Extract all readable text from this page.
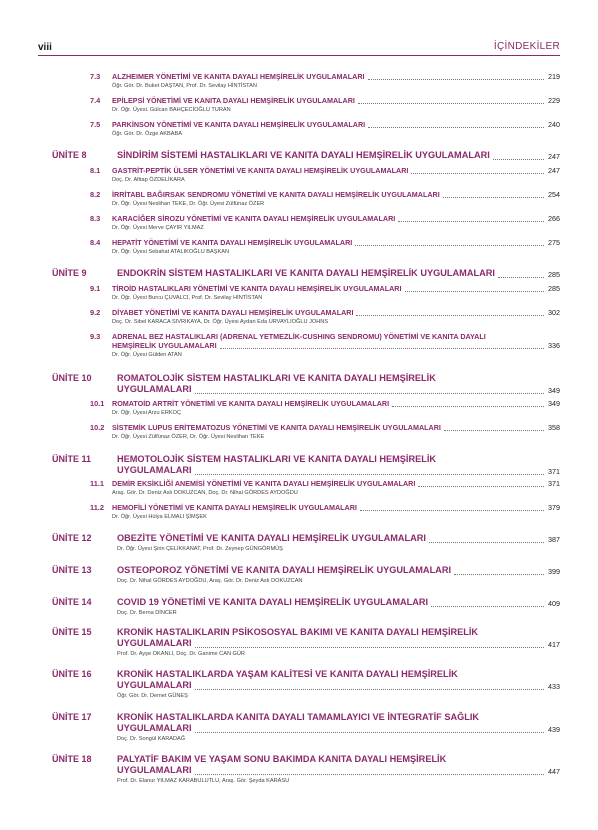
viii	İÇİNDEKİLER
7.3	ALZHEIMER YÖNETİMİ VE KANITA DAYALI HEMŞİRELİK UYGULAMALARI	219
Öğr. Gör. Dr. Buket DAŞTAN, Prof. Dr. Sevilay HİNTİSTAN
7.4	EPİLEPSİ YÖNETİMİ VE KANITA DAYALI HEMŞİRELİK UYGULAMALARI	229
Dr. Öğr. Üyesi. Gülcan BAHÇECİOĞLU TURAN
7.5	PARKİNSON YÖNETİMİ VE KANITA DAYALI HEMŞİRELİK UYGULAMALARI	240
Öğr. Gör. Dr. Özge AKBABA
ÜNİTE 8	SİNDİRİM SİSTEMİ HASTALIKLARI VE KANITA DAYALI HEMŞİRELİK UYGULAMALARI	247
8.1	GASTRİT-PEPTİK ÜLSER YÖNETİMİ VE KANITA DAYALI HEMŞİRELİK UYGULAMALARI	247
Doç. Dr. Afitap ÖZDELİKARA
8.2	İRRİTABL BAĞIRSAK SENDROMU YÖNETİMİ VE KANITA DAYALI HEMŞİRELİK UYGULAMALARI	254
Dr. Öğr. Üyesi Neslihan TEKE, Dr. Öğr. Üyesi Zülfünaz ÖZER
8.3	KARACİĞER SİROZU YÖNETİMİ VE KANITA DAYALI HEMŞİRELİK UYGULAMALARI	266
Dr. Öğr. Üyesi Merve ÇAYIR YILMAZ
8.4	HEPATİT YÖNETİMİ VE KANITA DAYALI HEMŞİRELİK UYGULAMALARI	275
Dr. Öğr. Üyesi Sebahat ATALIKOĞLU BAŞKAN
ÜNİTE 9	ENDOKRİN SİSTEM HASTALIKLARI VE KANITA DAYALI HEMŞİRELİK UYGULAMALARI	285
9.1	TİROİD HASTALIKLARI YÖNETİMİ VE KANITA DAYALI HEMŞİRELİK UYGULAMALARI	285
Dr. Öğr. Üyesi Burcu ÇUVALCI, Prof. Dr. Sevilay HİNTİSTAN
9.2	DİYABET YÖNETİMİ VE KANITA DAYALI HEMŞİRELİK UYGULAMALARI	302
Doç. Dr. Sibel KARACA SIVRIKAYA, Dr. Öğr. Üyesi Aydan Eda URVAYLIOĞLU JOHNS
9.3	ADRENAL BEZ HASTALIKLARI (ADRENAL YETMEZLİK-CUSHING SENDROMU) YÖNETİMİ VE KANITA DAYALI
HEMŞİRELİK UYGULAMALARI	336
Dr. Öğr. Üyesi Gülden ATAN
ÜNİTE 10	ROMATOLOJİK SİSTEM HASTALIKLARI VE KANITA DAYALI HEMŞİRELİK
UYGULAMALARI	349
10.1	ROMATOİD ARTRİT YÖNETİMİ VE KANITA DAYALI HEMŞİRELİK UYGULAMALARI	349
Dr. Öğr. Üyesi Arzu ERKOÇ
10.2	SİSTEMİK LUPUS ERİTEMATOZUS YÖNETİMİ VE KANITA DAYALI HEMŞİRELİK UYGULAMALARI	358
Dr. Öğr. Üyesi Zülfünaz ÖZER, Dr. Öğr. Üyesi Neslihan TEKE
ÜNİTE 11	HEMOTOLOJİK SİSTEM HASTALIKLARI VE KANITA DAYALI HEMŞİRELİK
UYGULAMALARI	371
11.1	DEMİR EKSİKLİĞİ ANEMİSİ YÖNETİMİ VE KANITA DAYALI HEMŞİRELİK UYGULAMALARI	371
Araş. Gör. Dr. Deniz Aslı DOKUZCAN, Doç. Dr. Nihal GÖRDES AYDOĞDU
11.2	HEMOFİLİ YÖNETİMİ VE KANITA DAYALI HEMŞİRELİK UYGULAMALARI	379
Dr. Öğr. Üyesi Hülya ELMALI ŞİMŞEK
ÜNİTE 12	OBEZİTE YÖNETİMİ VE KANITA DAYALI HEMŞİRELİK UYGULAMALARI	387
Dr. Öğr. Üyesi Şirin ÇELİKKANAT, Prof. Dr. Zeynep GÜNGÖRMÜŞ
ÜNİTE 13	OSTEOPOROZ YÖNETİMİ VE KANITA DAYALI HEMŞİRELİK UYGULAMALARI	399
Doç. Dr. Nihal GÖRDES AYDOĞDU, Araş. Gör. Dr. Deniz Aslı DOKUZCAN
ÜNİTE 14	COVID 19 YÖNETİMİ VE KANITA DAYALI HEMŞİRELİK UYGULAMALARI	409
Doç. Dr. Berna DİNCER
ÜNİTE 15	KRONİK HASTALIKLARIN PSİKOSOSYAL BAKIMI VE KANITA DAYALI HEMŞİRELİK
UYGULAMALARI	417
Prof. Dr. Ayşe OKANLI, Doç. Dr. Ganime CAN GÜR
ÜNİTE 16	KRONİK HASTALIKLARDA YAŞAM KALİTESİ VE KANITA DAYALI HEMŞİRELİK
UYGULAMALARI	433
Öğr. Gör. Dr. Demet GÜNEŞ
ÜNİTE 17	KRONİK HASTALIKLARDA KANITA DAYALI TAMAMLAYICI VE İNTEGRATİF SAĞLIK
UYGULAMALARI	439
Doç. Dr. Songül KARADAĞ
ÜNİTE 18	PALYATİF BAKIM VE YAŞAM SONU BAKIMDA KANITA DAYALI HEMŞİRELİK
UYGULAMALARI	447
Prof. Dr. Elanur YILMAZ KARABULUTLU, Araş. Gör. Şeyda KARASU
